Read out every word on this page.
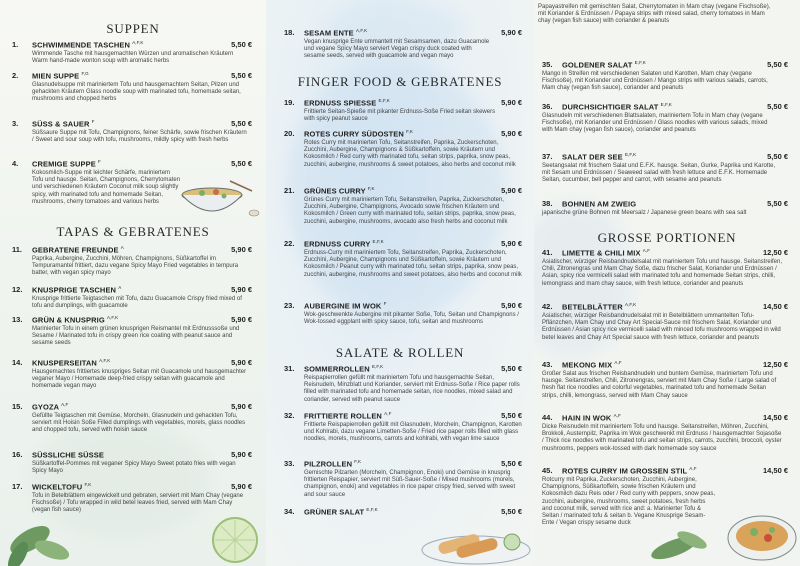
SUPPEN
1. SCHWIMMENDE TASCHEN $^{A,F,K}$	5,50 €
Wimmende Tasche mit hausgemachten Würzen und aromatischen Kräutern Warm hand-made wonton soup with aromatic herbs
2. MIEN SUPPE $^{F,G}$	5,50 €
Glasnudelsuppe mit mariniertem Tofu und hausgemachtem Seitan, Pilzen und gehackten Kräutern Glass noodle soup with marinated tofu, homemade seitan, mushrooms and chopped herbs
3. SÜSS & SAUER $^F$	5,50 €
Süßsaure Suppe mit Tofu, Champignons, feiner Schärfe, sowie frischen Kräutern / Sweet and sour soup with tofu, mushrooms, mildly spicy with fresh herbs
4. CREMIGE SUPPE $^F$	5,50 €
Kokosmilch-Suppe mit leichter Schärfe, mariniertem Tofu und hausge. Seitan, Champignons, Cherrytomaten und verschiedenen Kräutern Coconut milk soup slightly spicy, with marinated tofu and homemade Seitan, mushrooms, cherry tomatoes and various herbs
TAPAS & GEBRATENES
11. GEBRATENE FREUNDE $^A$	5,90 €
Paprika, Aubergine, Zucchini, Möhren, Champignons, Süßkartoffel im Tempuramantel frittiert, dazu vegane Spicy Mayo Fried vegetables in tempura batter, with vegan spicy mayo
12. KNUSPRIGE TASCHEN $^A$	5,90 €
Knusprige frittierte Teigtaschen mit Tofu, dazu Guacamole Crispy fried mixed of tofu and dumplings, with guacamole
13. GRÜN & KNUSPRIG $^{A,F,K}$	5,90 €
Marinierter Tofu in einem grünen knusprigen Reismantel mit Erdnusssoße und Sesame / Marinated tofu in crispy green rice coating with peanut sauce and sesame seeds
14. KNUSPERSEITAN $^{A,F,K}$	5,90 €
Hausgemachtes frittiertes knuspriges Seitan mit Guacamole und hausgemachter veganer Mayo / Homemade deep-fried crispy seitan with guacamole and homemade vegan mayo
15. GYOZA $^{A,F}$	5,90 €
Gefüllte Teigtaschen mit Gemüse, Morcheln, Glasnudeln und gehackten Tofu, serviert mit Hoisin Soße Filled dumplings with vegetables, morels, glass noodles and chopped tofu, served with hoisin sauce
16. SÜSSLICHE SÜSSE	5,90 €
Süßkartoffel-Pommes mit veganer Spicy Mayo Sweet potato fries with vegan Spicy Mayo
17. WICKELTOFU $^{F,K}$	5,90 €
Tofu in Betelblättern eingewickelt und gebraten, serviert mit Mam Chay (vegane Fischsoße) / Tofu wrapped in wild betel leaves fried, served with Mam Chay (vegan fish sauce)
18. SESAM ENTE $^{A,F,K}$	5,90 €
Vegan knusprige Ente ummantelt mit Sesamsamen, dazu Guacamole und vegane Spicy Mayo serviert Vegan crispy duck coated with sesame seeds, served with guacamole and vegan mayo
FINGER FOOD & GEBRATENES
19. ERDNUSS SPIESSE $^{E,F,K}$	5,90 €
Frittierte Seitan-Spieße mit pikanter Erdnuss-Soße Fried seitan skewers with spicy peanut sauce
20. ROTES CURRY SÜDOSTEN $^{F,K}$	5,90 €
Rotes Curry mit marinierten Tofu, Seitanstreifen, Paprika, Zuckerschoten, Zucchini, Aubergine, Champignons & Süßkartoffeln, sowie Kräutern und Kokosmilch / Red curry with marinated tofu, seitan strips, paprika, snow peas, zucchini, aubergine, mushrooms & sweet potatoes, also herbs and coconut milk
21. GRÜNES CURRY $^{F,K}$	5,90 €
Grünes Curry mit mariniertem Tofu, Seitanstreifen, Paprika, Zuckerschoten, Zucchini, Aubergine, Champignons, Avocado sowie frischen Kräutern und Kokosmilch / Green curry with marinated tofu, seitan strips, paprika, snow peas, zucchini, aubergine, mushrooms, avocado also fresh herbs and coconut milk
22. ERDNUSS CURRY $^{E,F,K}$	5,90 €
Erdnuss-Curry mit mariniertem Tofu, Seitanstreifen, Paprika, Zuckerschoten, Zucchini, Aubergine, Champignons und Süßkartoffeln, sowie Kräutern und Kokosmilch / Peanut curry with marinated tofu, seitan strips, paprika, snow peas, zucchini, aubergine, mushrooms and sweet potatoes, also herbs and coconut milk
23. AUBERGINE IM WOK $^F$	5,90 €
Wok-geschwenkte Aubergine mit pikanter Soße, Tofu, Seitan und Champignons / Wok-tossed eggplant with spicy sauce, tofu, seitan and mushrooms
SALATE & ROLLEN
31. SOMMERROLLEN $^{E,F,K}$	5,50 €
Reispapierrollen gefüllt mit mariniertem Tofu und hausgemachte Seitan, Reisnudeln, Minzblatt und Koriander, serviert mit Erdnuss-Soße / Rice paper rolls filled with marinated tofu and homemade seitan, rice noodles, mixed salad and coriander, served with peanut sauce
32. FRITTIERTE ROLLEN $^{A,F}$	5,50 €
Frittierte Reispapierrollen gefüllt mit Glasnudeln, Morcheln, Champignon, Karotten und Kohlrabi, dazu vegane Limetten-Soße / Fried rice paper rolls filled with glass noodles, morels, mushrooms, carrots and kohlrabi, with vegan lime sauce
33. PILZROLLEN $^{F,K}$	5,50 €
Gemischte Pilzarten (Morcheln, Champignon, Enoki) und Gemüse in knusprig frittierten Reispapier, serviert mit Süß-Sauer-Soße / Mixed mushrooms (morels, champignon, enoki) and vegetables in rice paper crispy fried, served with sweet and sour sauce
34. GRÜNER SALAT $^{E,F,K}$	5,50 €
Papayastreifen mit gemischten Salat, Cherrytomaten in Mam chay (vegane Fischsoße), mit Koriander & Erdnüssen / Papaya strips with mixed salad, cherry tomatoes in Mam chay (vegan fish sauce) with coriander & peanuts
35. GOLDENER SALAT $^{E,F,K}$	5,50 €
Mango in Streifen mit verschiedenen Salaten und Karotten, Mam chay (vegane Fischsoße), mit Koriander und Erdnüssen / Mango strips with various salads, carrots, Mam chay (vegan fish sauce), coriander and peanuts
36. DURCHSICHTIGER SALAT $^{E,F,K}$	5,50 €
Glasnudeln mit verschiedenen Blattsalaten, mariniertem Tofu in Mam chay (vegane Fischsoße), mit Koriander und Erdnüssen / Glass noodles with various salads, mixed with Mam chay (vegan fish sauce), coriander and peanuts
37. SALAT DER SEE $^{E,F,K}$	5,50 €
Seetangsalat mit frischem Salat und E.F.K. hausge. Seitan, Gurke, Paprika und Karotte, mit Sesam und Erdnüssen / Seaweed salad with fresh lettuce and E.F.K. Homemade Seitan, cucumber, bell pepper and carrot, with sesame and peanuts
38. BOHNEN AM ZWEIG	5,50 €
japanische grüne Bohnen mit Meersalz / Japanese green beans with sea salt
GROSSE PORTIONEN
41. LIMETTE & CHILI MIX $^{A,F}$	12,50 €
Asiatischer, würziger Reisbandnudelsalat mit mariniertem Tofu und hausge. Seitanstreifen, Chili, Zitronengras und Mam Chay Soße, dazu frischer Salat, Koriander und Erdnüssen / Asian, spicy rice vermicelli salad with marinated tofu and homemade Seitan strips, chilli, lemongrass and mam chay sauce, with fresh lettuce, coriander and peanuts
42. BETELBLÄTTER $^{A,F,K}$	14,50 €
Asiatischer, würziger Reisbandnudelsalat mit in Betelblättern ummantelten Tofu-Pflänzchen, Mam Chay und Chay Art Special-Sauce mit frischem Salat, Koriander und Erdnüssen / Asian spicy rice vermicelli salad with minced tofu mushrooms wrapped in wild betel leaves and Chay Art Special sauce with fresh lettuce, coriander and peanuts
43. MEKONG MIX $^{A,F}$	12,50 €
Großer Salat aus frischen Reisbandnudeln und buntem Gemüse, mariniertem Tofu und hausge. Seitanstreifen, Chili, Zitronengras, serviert mit Mam Chay Soße / Large salad of fresh flat rice noodles and colorful vegetables, marinated tofu and homemade Seitan strips, chilli, lemongrass, served with Mam Chay sauce
44. HAIN IN WOK $^{A,F}$	14,50 €
Dicke Reisnudeln mit mariniertem Tofu und hausge. Seitanstreifen, Möhren, Zucchini, Brokkoli, Austernpilz, Paprika im Wok geschwenkt mit Erdnuss / hausgemachter Sojasoße / Thick rice noodles with marinated tofu and seitan strips, carrots, zucchini, broccoli, oyster mushrooms, peppers wok-tossed with dark homemade soy sauce
45. ROTES CURRY IM GROSSEN STIL $^{A,F}$	14,50 €
Rotcurry mit Paprika, Zuckerschoten, Zucchini, Aubergine, Champignons, Süßkartoffeln, sowie frischen Kräutern und Kokosmilch dazu Reis oder / Red curry with peppers, snow peas, zucchini, aubergine, mushrooms, sweet potatoes, fresh herbs and coconut milk, served with rice and: a. Marinierter Tofu & Seitan / marinated tofu & seitan b. Vegane Knusprige Sesam-Ente / Vegan crispy sesame duck
